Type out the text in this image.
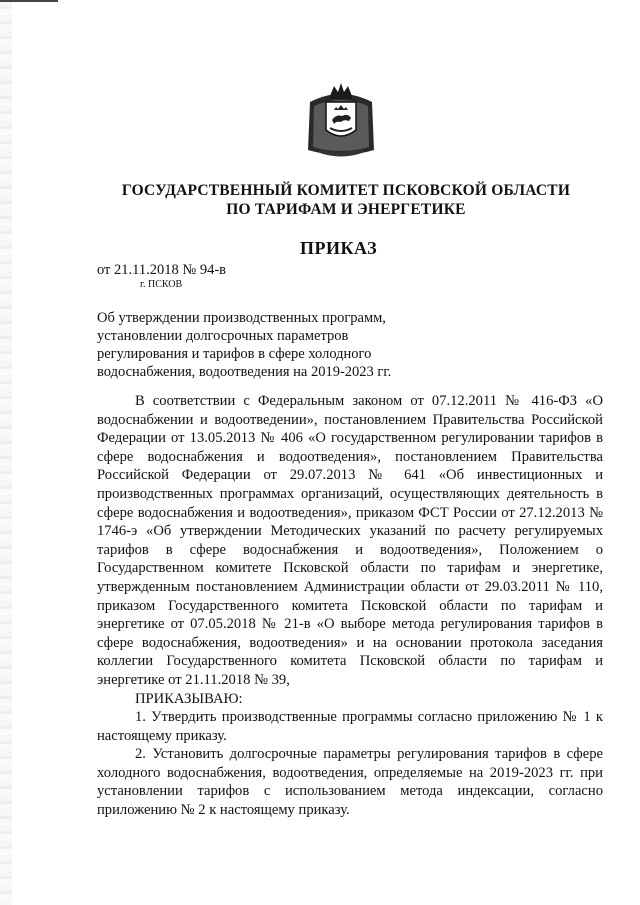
ГОСУДАРСТВЕННЫЙ КОМИТЕТ ПСКОВСКОЙ ОБЛАСТИ
ПО ТАРИФАМ И ЭНЕРГЕТИКЕ
ПРИКАЗ
от 21.11.2018 № 94-в
г. ПСКОВ
Об утверждении производственных программ, установлении долгосрочных параметров регулирования и тарифов в сфере холодного водоснабжения, водоотведения на 2019-2023 гг.

В соответствии с Федеральным законом от 07.12.2011 № 416-ФЗ «О водоснабжении и водоотведении», постановлением Правительства Российской Федерации от 13.05.2013 № 406 «О государственном регулировании тарифов в сфере водоснабжения и водоотведения», постановлением Правительства Российской Федерации от 29.07.2013 № 641 «Об инвестиционных и производственных программах организаций, осуществляющих деятельность в сфере водоснабжения и водоотведения», приказом ФСТ России от 27.12.2013 № 1746-э «Об утверждении Методических указаний по расчету регулируемых тарифов в сфере водоснабжения и водоотведения», Положением о Государственном комитете Псковской области по тарифам и энергетике, утвержденным постановлением Администрации области от 29.03.2011 № 110, приказом Государственного комитета Псковской области по тарифам и энергетике от 07.05.2018 № 21-в «О выборе метода регулирования тарифов в сфере водоснабжения, водоотведения» и на основании протокола заседания коллегии Государственного комитета Псковской области по тарифам и энергетике от 21.11.2018 № 39,

ПРИКАЗЫВАЮ:

1. Утвердить производственные программы согласно приложению № 1 к настоящему приказу.

2. Установить долгосрочные параметры регулирования тарифов в сфере холодного водоснабжения, водоотведения, определяемые на 2019-2023 гг. при установлении тарифов с использованием метода индексации, согласно приложению № 2 к настоящему приказу.
